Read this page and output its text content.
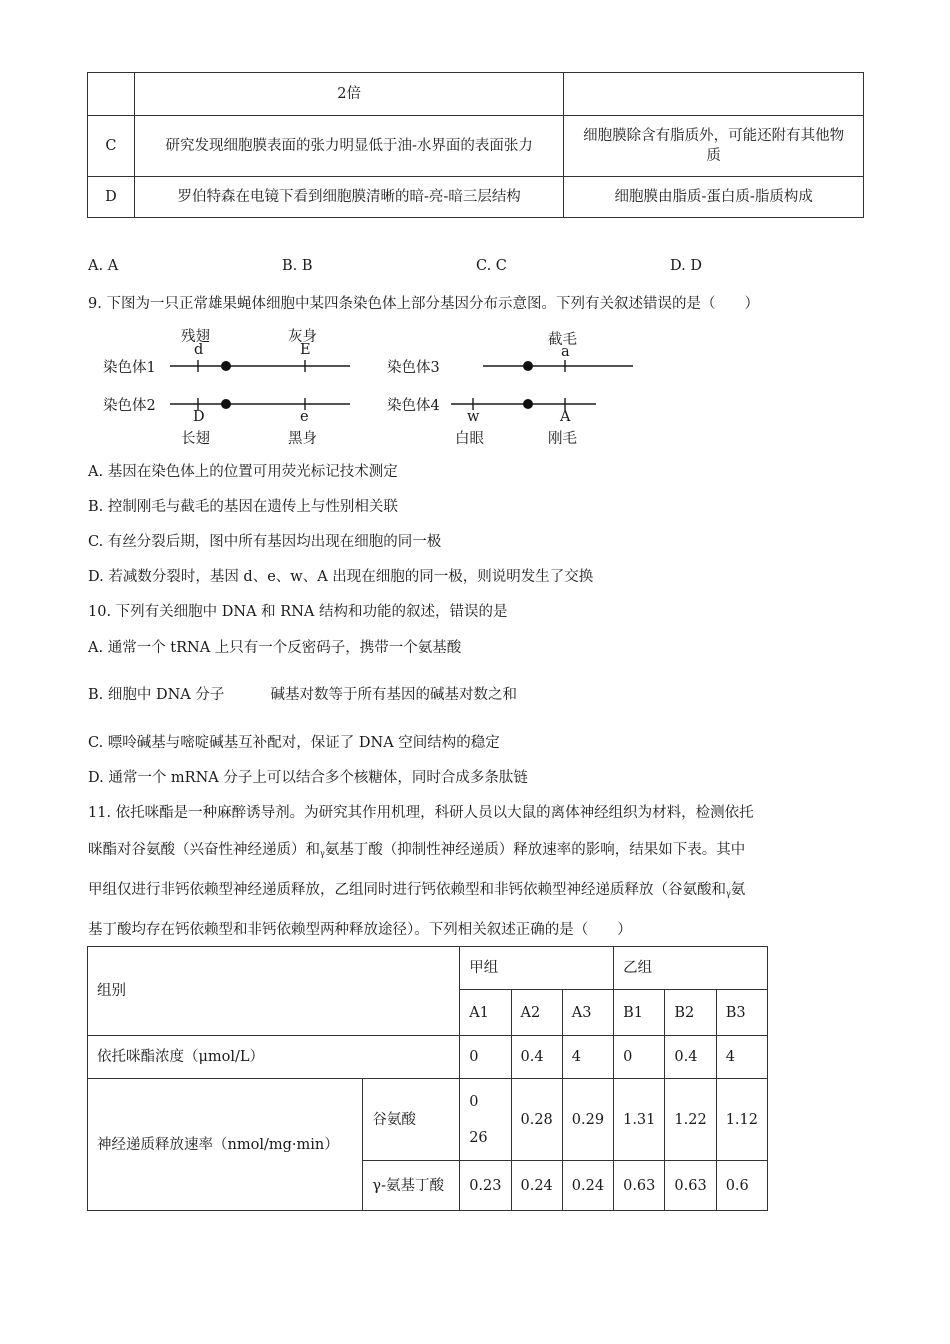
	2倍	
C	研究发现细胞膜表面的张力明显低于油-水界面的表面张力	细胞膜除含有脂质外，可能还附有其他物质
D	罗伯特森在电镜下看到细胞膜清晰的暗-亮-暗三层结构	细胞膜由脂质-蛋白质-脂质构成
A. A	B. B	C. C	D. D
9. 下图为一只正常雄果蝇体细胞中某四条染色体上部分基因分布示意图。下列有关叙述错误的是（　　）
染色体1
染色体2
染色体3
染色体4
残翅
d
灰身
E
D
长翅
e
黑身
截毛
a
w
白眼
A
刚毛
A. 基因在染色体上的位置可用荧光标记技术测定
B. 控制刚毛与截毛的基因在遗传上与性别相关联
C. 有丝分裂后期，图中所有基因均出现在细胞的同一极
D. 若减数分裂时，基因 d、e、w、A 出现在细胞的同一极，则说明发生了交换
10. 下列有关细胞中 DNA 和 RNA 结构和功能的叙述，错误的是
A. 通常一个 tRNA 上只有一个反密码子，携带一个氨基酸
B. 细胞中 DNA 分子          碱基对数等于所有基因的碱基对数之和
C. 嘌呤碱基与嘧啶碱基互补配对，保证了 DNA 空间结构的稳定
D. 通常一个 mRNA 分子上可以结合多个核糖体，同时合成多条肽链
11. 依托咪酯是一种麻醉诱导剂。为研究其作用机理，科研人员以大鼠的离体神经组织为材料，检测依托
咪酯对谷氨酸（兴奋性神经递质）和$_\gamma$氨基丁酸（抑制性神经递质）释放速率的影响，结果如下表。其中
甲组仅进行非钙依赖型神经递质释放，乙组同时进行钙依赖型和非钙依赖型神经递质释放（谷氨酸和$_\gamma$氨
基丁酸均存在钙依赖型和非钙依赖型两种释放途径）。下列相关叙述正确的是（　　）
组别		甲组			乙组		
		A1	A2	A3	B1	B2	B3
依托咪酯浓度（μmol/L）		0	0.4	4	0	0.4	4
神经递质释放速率（nmol/mg·min）	谷氨酸	0
26	0.28	0.29	1.31	1.22	1.12
	γ-氨基丁酸	0.23	0.24	0.24	0.63	0.63	0.6
